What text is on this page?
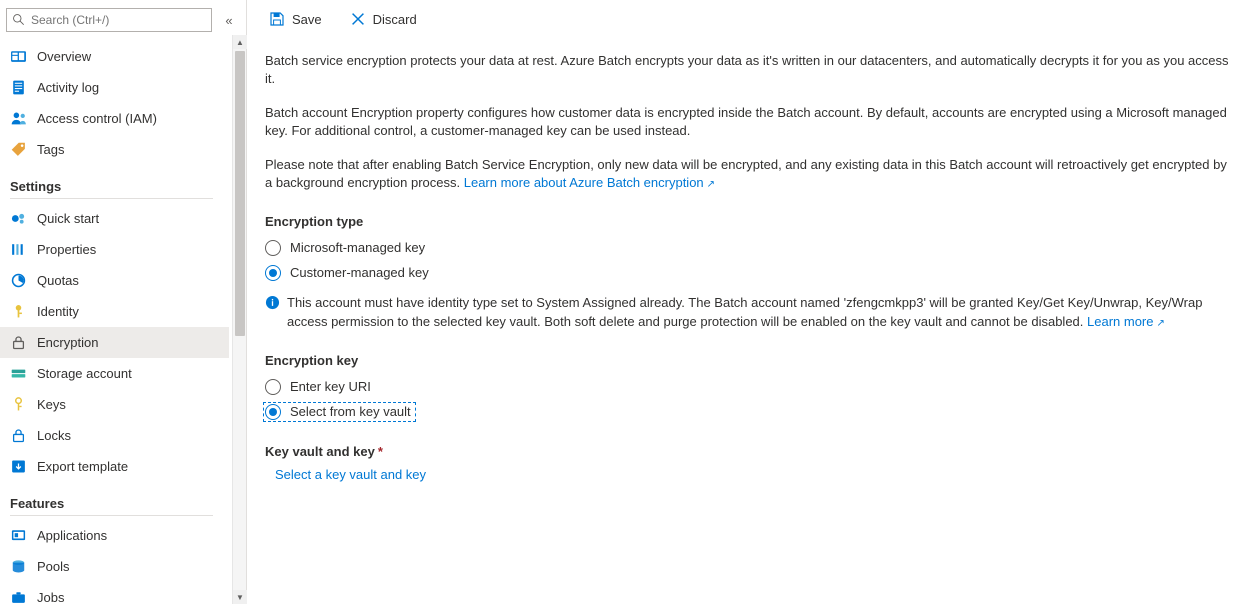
Search (Ctrl+/)
«
Overview
Activity log
Access control (IAM)
Tags
Settings
Quick start
Properties
Quotas
Identity
Encryption
Storage account
Keys
Locks
Export template
Features
Applications
Pools
Jobs
▲
▼
Save	Discard

Batch service encryption protects your data at rest. Azure Batch encrypts your data as it's written in our datacenters, and automatically decrypts it for you as you access it.

Batch account Encryption property configures how customer data is encrypted inside the Batch account. By default, accounts are encrypted using a Microsoft managed key. For additional control, a customer-managed key can be used instead.

Please note that after enabling Batch Service Encryption, only new data will be encrypted, and any existing data in this Batch account will retroactively get encrypted by a background encryption process. Learn more about Azure Batch encryption ↗

Encryption type
Microsoft-managed key
Customer-managed key
This account must have identity type set to System Assigned already. The Batch account named 'zfengcmkpp3' will be granted Key/Get Key/Unwrap, Key/Wrap access permission to the selected key vault. Both soft delete and purge protection will be enabled on the key vault and cannot be disabled. Learn more ↗
Encryption key
Enter key URI
Select from key vault
Key vault and key *
Select a key vault and key
